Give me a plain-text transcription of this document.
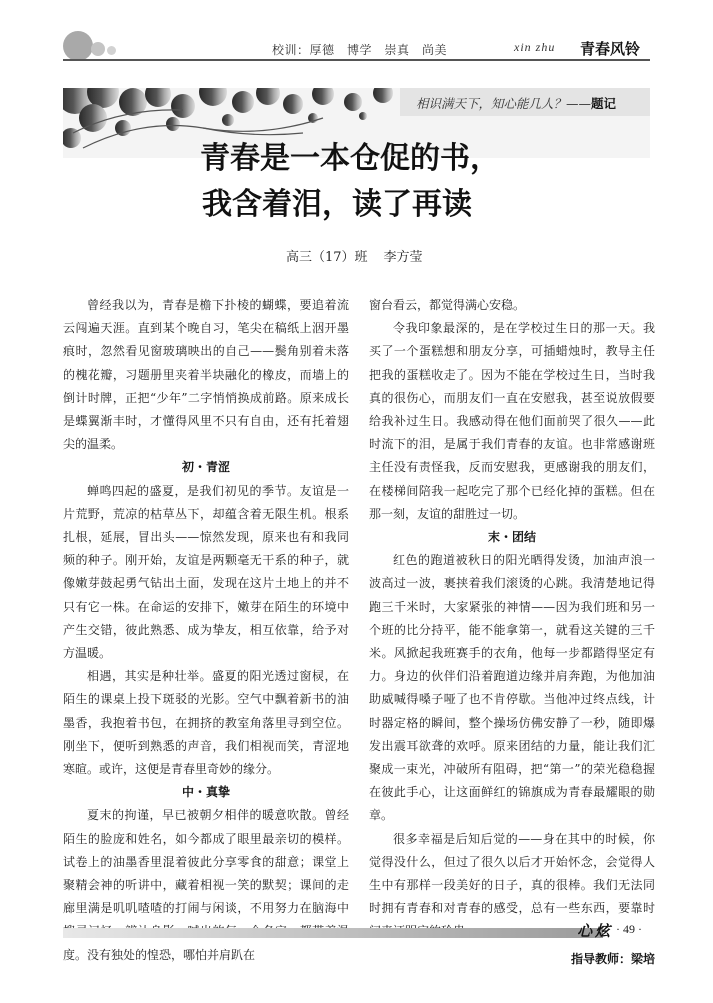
校训：厚德　博学　崇真　尚美	xin zhu 青春风铃
相识满天下，知心能几人？——题记
青春是一本仓促的书，
我含着泪，读了再读
高三（17）班 李方莹

曾经我以为，青春是檐下扑棱的蝴蝶，要追着流云闯遍天涯。直到某个晚自习，笔尖在稿纸上洇开墨痕时，忽然看见窗玻璃映出的自己——鬓角别着未落的槐花瓣，习题册里夹着半块融化的橡皮，而墙上的倒计时牌，正把“少年”二字悄悄换成前路。原来成长是蝶翼渐丰时，才懂得风里不只有自由，还有托着翅尖的温柔。

初・青涩

蝉鸣四起的盛夏，是我们初见的季节。友谊是一片荒野，荒凉的枯草丛下，却蕴含着无限生机。根系扎根，延展，冒出头——惊然发现，原来也有和我同频的种子。刚开始，友谊是两颗毫无干系的种子，就像嫩芽鼓起勇气钻出土面，发现在这片土地上的并不只有它一株。在命运的安排下，嫩芽在陌生的环境中产生交错，彼此熟悉、成为挚友，相互依靠，给予对方温暖。

相遇，其实是种壮举。盛夏的阳光透过窗棂，在陌生的课桌上投下斑驳的光影。空气中飘着新书的油墨香，我抱着书包，在拥挤的教室角落里寻到空位。刚坐下，便听到熟悉的声音，我们相视而笑，青涩地寒暄。或许，这便是青春里奇妙的缘分。

中・真挚

夏末的拘谨，早已被朝夕相伴的暖意吹散。曾经陌生的脸庞和姓名，如今都成了眼里最亲切的模样。试卷上的油墨香里混着彼此分享零食的甜意；课堂上聚精会神的听讲中，藏着相视一笑的默契；课间的走廊里满是叽叽喳喳的打闹与闲谈，不用努力在脑海中 度。没有独处的惶恐，哪怕并肩趴在

窗台看云，都觉得满心安稳。

令我印象最深的，是在学校过生日的那一天。我买了一个蛋糕想和朋友分享，可插蜡烛时，教导主任把我的蛋糕收走了。因为不能在学校过生日，当时我真的很伤心，而朋友们一直在安慰我，甚至说放假要给我补过生日。我感动得在他们面前哭了很久——此时流下的泪，是属于我们青春的友谊。也非常感谢班主任没有责怪我，反而安慰我，更感谢我的朋友们，在楼梯间陪我一起吃完了那个已经化掉的蛋糕。但在那一刻，友谊的甜胜过一切。

末・团结

红色的跑道被秋日的阳光晒得发烫，加油声浪一波高过一波，裹挟着我们滚烫的心跳。我清楚地记得跑三千米时，大家紧张的神情——因为我们班和另一个班的比分持平，能不能拿第一，就看这关键的三千米。风掀起我班赛手的衣角，他每一步都踏得坚定有力。身边的伙伴们沿着跑道边缘并肩奔跑，为他加油助威喊得嗓子哑了也不肯停歇。当他冲过终点线，计时器定格的瞬间，整个操场仿佛安静了一秒，随即爆发出震耳欲聋的欢呼。原来团结的力量，能让我们汇聚成一束光，冲破所有阻碍，把“第一”的荣光稳稳握在彼此手心，让这面鲜红的锦旗成为青春最耀眼的勋章。

很多幸福是后知后觉的——身在其中的时候，你觉得没什么，但过了很久以后才开始怀念，会觉得人生中有那样一段美好的日子，真的很棒。我们无法同时拥有青春和对青春的感受，总有一些东西，要靠时

指导教师：梁培
心炫 · 49 ·
